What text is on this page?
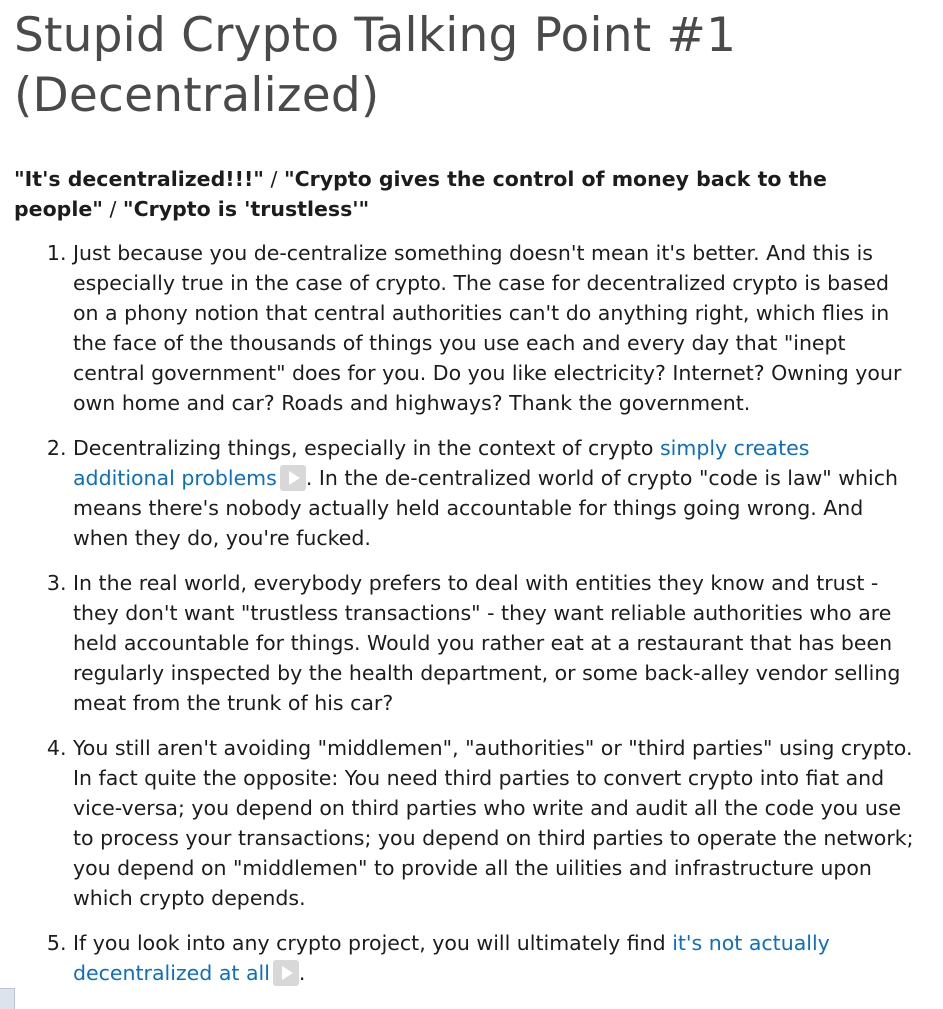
Stupid Crypto Talking Point #1
(Decentralized)

"It's decentralized!!!" / "Crypto gives the control of money back to the people" / "Crypto is 'trustless'"

1. Just because you de-centralize something doesn't mean it's better. And this is especially true in the case of crypto. The case for decentralized crypto is based on a phony notion that central authorities can't do anything right, which flies in the face of the thousands of things you use each and every day that "inept central government" does for you. Do you like electricity? Internet? Owning your own home and car? Roads and highways? Thank the government.
2. Decentralizing things, especially in the context of crypto simply creates additional problems . In the de-centralized world of crypto "code is law" which means there's nobody actually held accountable for things going wrong. And when they do, you're fucked.
3. In the real world, everybody prefers to deal with entities they know and trust - they don't want "trustless transactions" - they want reliable authorities who are held accountable for things. Would you rather eat at a restaurant that has been regularly inspected by the health department, or some back-alley vendor selling meat from the trunk of his car?
4. You still aren't avoiding "middlemen", "authorities" or "third parties" using crypto. In fact quite the opposite: You need third parties to convert crypto into fiat and vice-versa; you depend on third parties who write and audit all the code you use to process your transactions; you depend on third parties to operate the network; you depend on "middlemen" to provide all the uilities and infrastructure upon which crypto depends.
5. If you look into any crypto project, you will ultimately find it's not actually decentralized at all .
